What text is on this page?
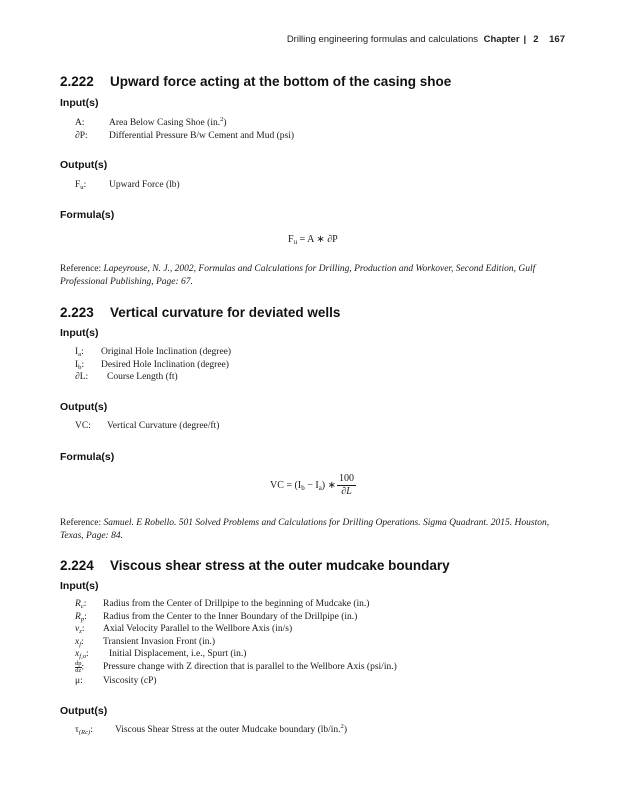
Drilling engineering formulas and calculations Chapter | 2 167
2.222 Upward force acting at the bottom of the casing shoe
Input(s)
A:	Area Below Casing Shoe (in.$^2$)
∂P: Differential Pressure B/w Cement and Mud (psi)
Output(s)
$F_u$: Upward Force (lb)
Formula(s)
$F_u = A$ ∗ ∂P
Reference: Lapeyrouse, N. J., 2002, Formulas and Calculations for Drilling, Production and Workover, Second Edition, Gulf Professional Publishing, Page: 67.
2.223 Vertical curvature for deviated wells
Input(s)
$I_a$: Original Hole Inclination (degree)
$I_b$: Desired Hole Inclination (degree)
∂L: Course Length (ft)
Output(s)
VC: Vertical Curvature (degree/ft)
Formula(s)
VC = $(I_b - I_a)$ ∗ $\frac{100}{\partial L}$
Reference: Samuel. E Robello. 501 Solved Problems and Calculations for Drilling Operations. Sigma Quadrant. 2015. Houston, Texas, Page: 84.
2.224 Viscous shear stress at the outer mudcake boundary
Input(s)
$R_c$: Radius from the Center of Drillpipe to the beginning of Mudcake (in.)
$R_p$: Radius from the Center to the Inner Boundary of the Drillpipe (in.)
$v_z$: Axial Velocity Parallel to the Wellbore Axis (in/s)
$x_f$: Transient Invasion Front (in.)
$x_{f,o}$: Initial Displacement, i.e., Spurt (in.)
$\frac{dp}{dz}$ : Pressure change with Z direction that is parallel to the Wellbore Axis (psi/in.)
μ: Viscosity (cP)
Output(s)
$\tau_{(Rc)}$: Viscous Shear Stress at the outer Mudcake boundary (lb/in.$^2$)
